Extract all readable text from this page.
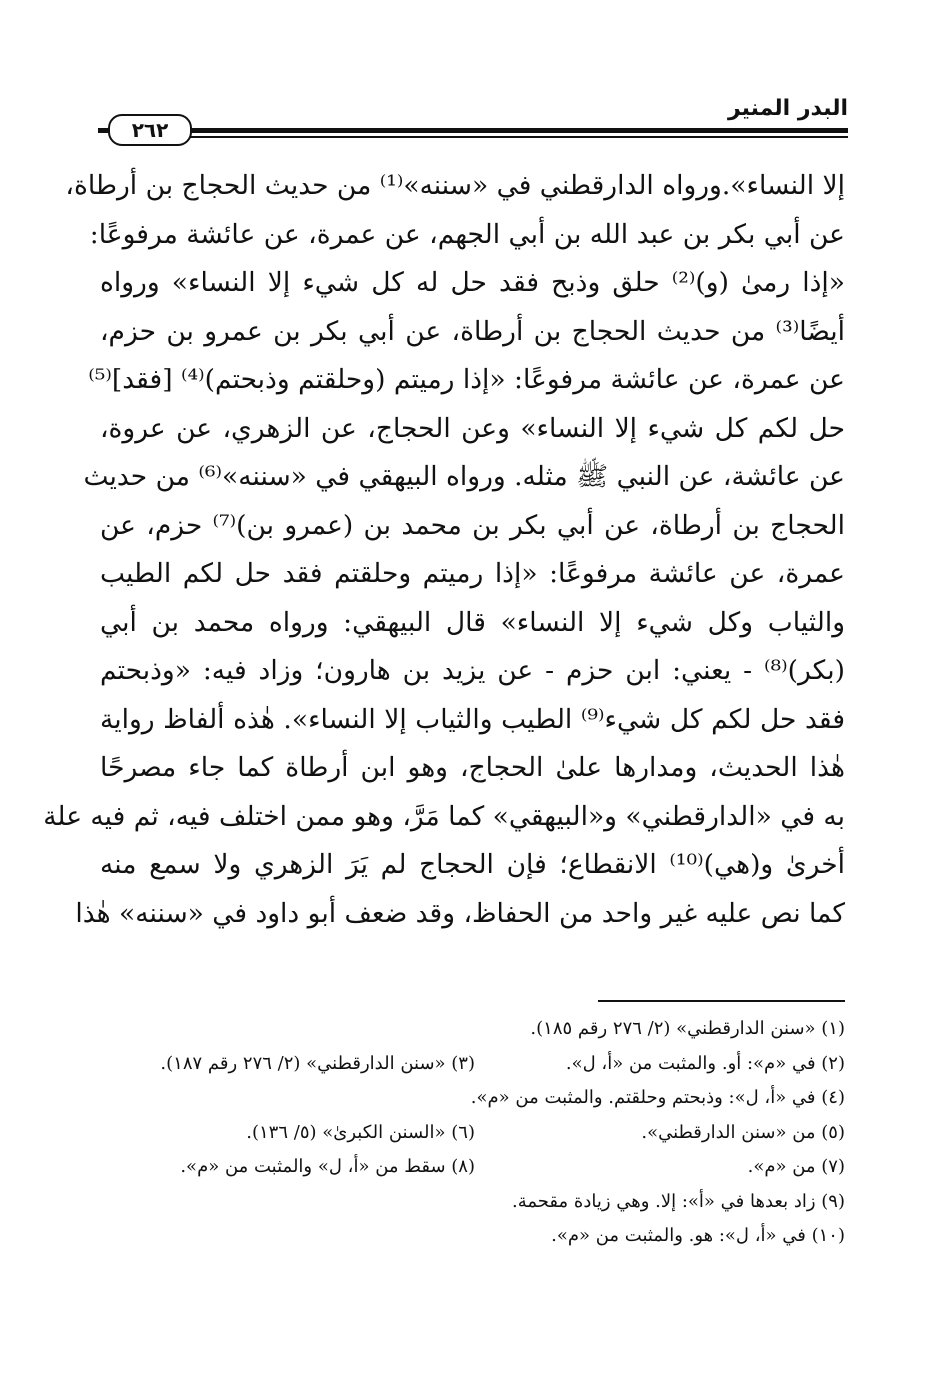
البدر المنير
٢٦٢
إلا النساء».ورواه الدارقطني في «سننه»⁽¹⁾ من حديث الحجاج بن أرطاة،
عن أبي بكر بن عبد الله بن أبي الجهم، عن عمرة، عن عائشة مرفوعًا:
«إذا رمىٰ (و)⁽²⁾ حلق وذبح فقد حل له كل شيء إلا النساء» ورواه
أيضًا⁽³⁾ من حديث الحجاج بن أرطاة، عن أبي بكر بن عمرو بن حزم،
عن عمرة، عن عائشة مرفوعًا: «إذا رميتم (وحلقتم وذبحتم)⁽⁴⁾ [فقد]⁽⁵⁾
حل لكم كل شيء إلا النساء» وعن الحجاج، عن الزهري، عن عروة،
عن عائشة، عن النبي ﷺ مثله. ورواه البيهقي في «سننه»⁽⁶⁾ من حديث
الحجاج بن أرطاة، عن أبي بكر بن محمد بن (عمرو بن)⁽⁷⁾ حزم، عن
عمرة، عن عائشة مرفوعًا: «إذا رميتم وحلقتم فقد حل لكم الطيب
والثياب وكل شيء إلا النساء» قال البيهقي: ورواه محمد بن أبي
(بكر)⁽⁸⁾ - يعني: ابن حزم - عن يزيد بن هارون؛ وزاد فيه: «وذبحتم
فقد حل لكم كل شيء⁽⁹⁾ الطيب والثياب إلا النساء». هٰذه ألفاظ رواية
هٰذا الحديث، ومدارها علىٰ الحجاج، وهو ابن أرطاة كما جاء مصرحًا
به في «الدارقطني» و«البيهقي» كما مَرَّ، وهو ممن اختلف فيه، ثم فيه علة
أخرىٰ و(هي)⁽¹⁰⁾ الانقطاع؛ فإن الحجاج لم يَرَ الزهري ولا سمع منه
كما نص عليه غير واحد من الحفاظ، وقد ضعف أبو داود في «سننه» هٰذا
(١) «سنن الدارقطني» (٢/ ٢٧٦ رقم ١٨٥).
(٢) في «م»: أو. والمثبت من «أ، ل».
(٣) «سنن الدارقطني» (٢/ ٢٧٦ رقم ١٨٧).
(٤) في «أ، ل»: وذبحتم وحلقتم. والمثبت من «م».
(٥) من «سنن الدارقطني».
(٦) «السنن الكبرىٰ» (٥/ ١٣٦).
(٧) من «م».
(٨) سقط من «أ، ل» والمثبت من «م».
(٩) زاد بعدها في «أ»: إلا. وهي زيادة مقحمة.
(١٠) في «أ، ل»: هو. والمثبت من «م».
